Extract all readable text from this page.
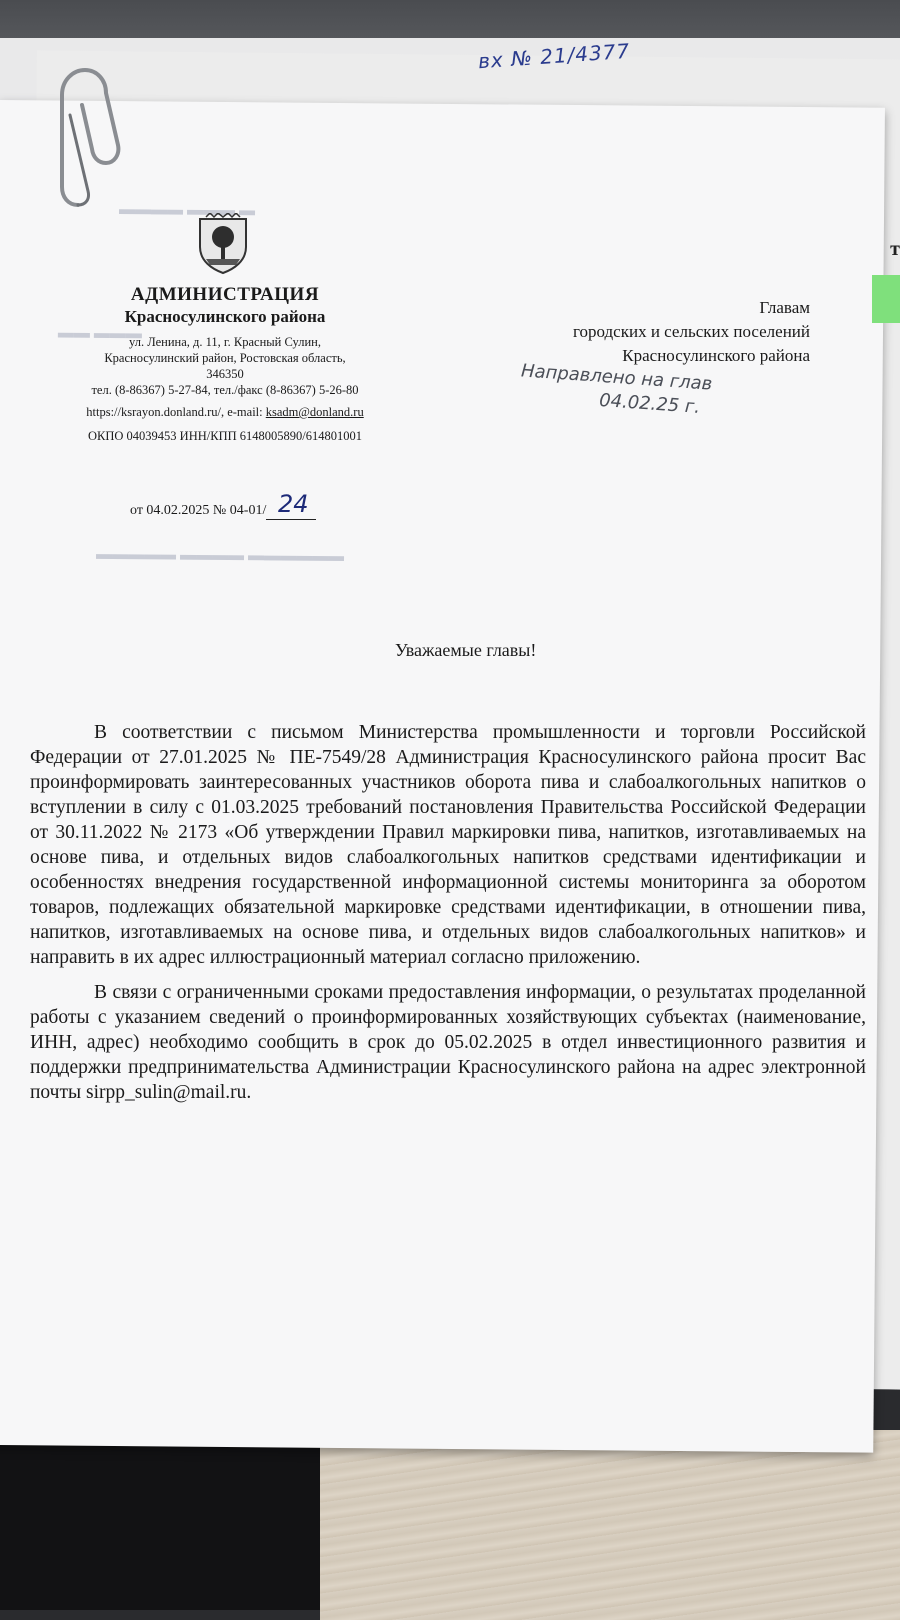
вх № 21/4377
▬▬▬▬ ▬▬▬ ▬
▬▬ ▬▬▬
▬▬▬▬▬ ▬▬▬▬ ▬▬▬▬▬▬
т
АДМИНИСТРАЦИЯ
Красносулинского района
ул. Ленина, д. 11, г. Красный Сулин,
Красносулинский район, Ростовская область,
346350
тел. (8-86367) 5-27-84, тел./факс (8-86367) 5-26-80
https://ksrayon.donland.ru/, e-mail: ksadm@donland.ru
ОКПО 04039453 ИНН/КПП 6148005890/614801001
от 04.02.2025 № 04-01/ 24
Главам
городских и сельских поселений
Красносулинского района
Направлено на глав
04.02.25 г.
Уважаемые главы!

В соответствии с письмом Министерства промышленности и торговли Российской Федерации от 27.01.2025 № ПЕ-7549/28 Администрация Красносулинского района просит Вас проинформировать заинтересованных участников оборота пива и слабоалкогольных напитков о вступлении в силу с 01.03.2025 требований постановления Правительства Российской Федерации от 30.11.2022 № 2173 «Об утверждении Правил маркировки пива, напитков, изготавливаемых на основе пива, и отдельных видов слабоалкогольных напитков средствами идентификации и особенностях внедрения государственной информационной системы мониторинга за оборотом товаров, подлежащих обязательной маркировке средствами идентификации, в отношении пива, напитков, изготавливаемых на основе пива, и отдельных видов слабоалкогольных напитков» и направить в их адрес иллюстрационный материал согласно приложению.

В связи с ограниченными сроками предоставления информации, о результатах проделанной работы с указанием сведений о проинформированных хозяйствующих субъектах (наименование, ИНН, адрес) необходимо сообщить в срок до 05.02.2025 в отдел инвестиционного развития и поддержки предпринимательства Администрации Красносулинского района на адрес электронной почты sirpp_sulin@mail.ru.
